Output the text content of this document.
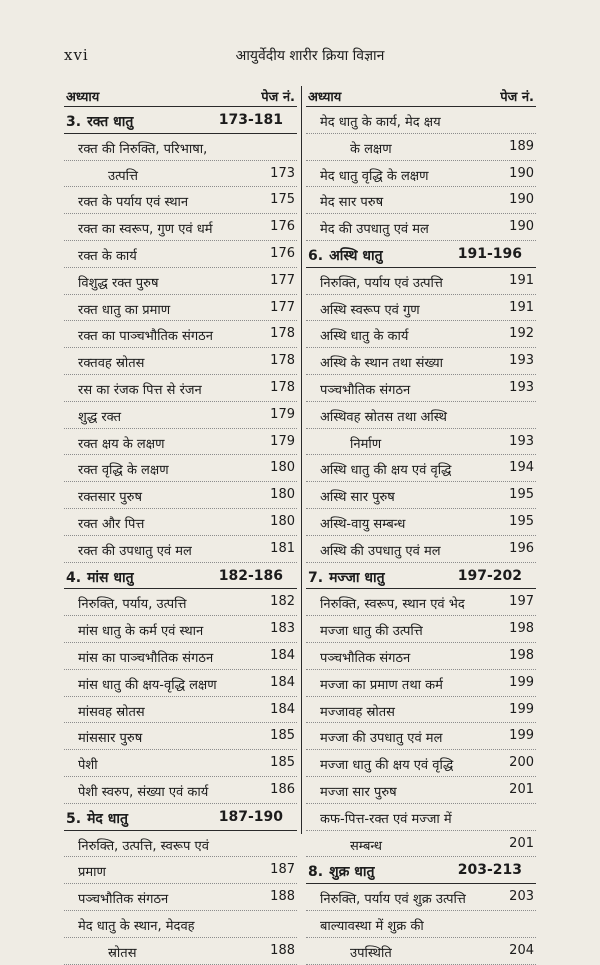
xvi	आयुर्वेदीय शारीर क्रिया विज्ञान
अध्याय	पेज नं.
3. रक्त धातु	173-181
रक्त की निरुक्ति, परिभाषा,
उत्पत्ति	173
रक्त के पर्याय एवं स्थान	175
रक्त का स्वरूप, गुण एवं धर्म	176
रक्त के कार्य	176
विशुद्ध रक्त पुरुष	177
रक्त धातु का प्रमाण	177
रक्त का पाञ्चभौतिक संगठन	178
रक्तवह स्रोतस	178
रस का रंजक पित्त से रंजन	178
शुद्ध रक्त	179
रक्त क्षय के लक्षण	179
रक्त वृद्धि के लक्षण	180
रक्तसार पुरुष	180
रक्त और पित्त	180
रक्त की उपधातु एवं मल	181
4. मांस धातु	182-186
निरुक्ति, पर्याय, उत्पत्ति	182
मांस धातु के कर्म एवं स्थान	183
मांस का पाञ्चभौतिक संगठन	184
मांस धातु की क्षय-वृद्धि लक्षण	184
मांसवह स्रोतस	184
मांससार पुरुष	185
पेशी	185
पेशी स्वरुप, संख्या एवं कार्य	186
5. मेद धातु	187-190
निरुक्ति, उत्पत्ति, स्वरूप एवं
प्रमाण	187
पञ्चभौतिक संगठन	188
मेद धातु के स्थान, मेदवह
स्रोतस	188
अध्याय	पेज नं.
मेद धातु के कार्य, मेद क्षय
के लक्षण	189
मेद धातु वृद्धि के लक्षण	190
मेद सार परुष	190
मेद की उपधातु एवं मल	190
6. अस्थि धातु	191-196
निरुक्ति, पर्याय एवं उत्पत्ति	191
अस्थि स्वरूप एवं गुण	191
अस्थि धातु के कार्य	192
अस्थि के स्थान तथा संख्या	193
पञ्चभौतिक संगठन	193
अस्थिवह स्रोतस तथा अस्थि
निर्माण	193
अस्थि धातु की क्षय एवं वृद्धि	194
अस्थि सार पुरुष	195
अस्थि-वायु सम्बन्ध	195
अस्थि की उपधातु एवं मल	196
7. मज्जा धातु	197-202
निरुक्ति, स्वरूप, स्थान एवं भेद	197
मज्जा धातु की उत्पत्ति	198
पञ्चभौतिक संगठन	198
मज्जा का प्रमाण तथा कर्म	199
मज्जावह स्रोतस	199
मज्जा की उपधातु एवं मल	199
मज्जा धातु की क्षय एवं वृद्धि	200
मज्जा सार पुरुष	201
कफ-पित्त-रक्त एवं मज्जा में
सम्बन्ध	201
8. शुक्र धातु	203-213
निरुक्ति, पर्याय एवं शुक्र उत्पत्ति	203
बाल्यावस्था में शुक्र की
उपस्थिति	204
